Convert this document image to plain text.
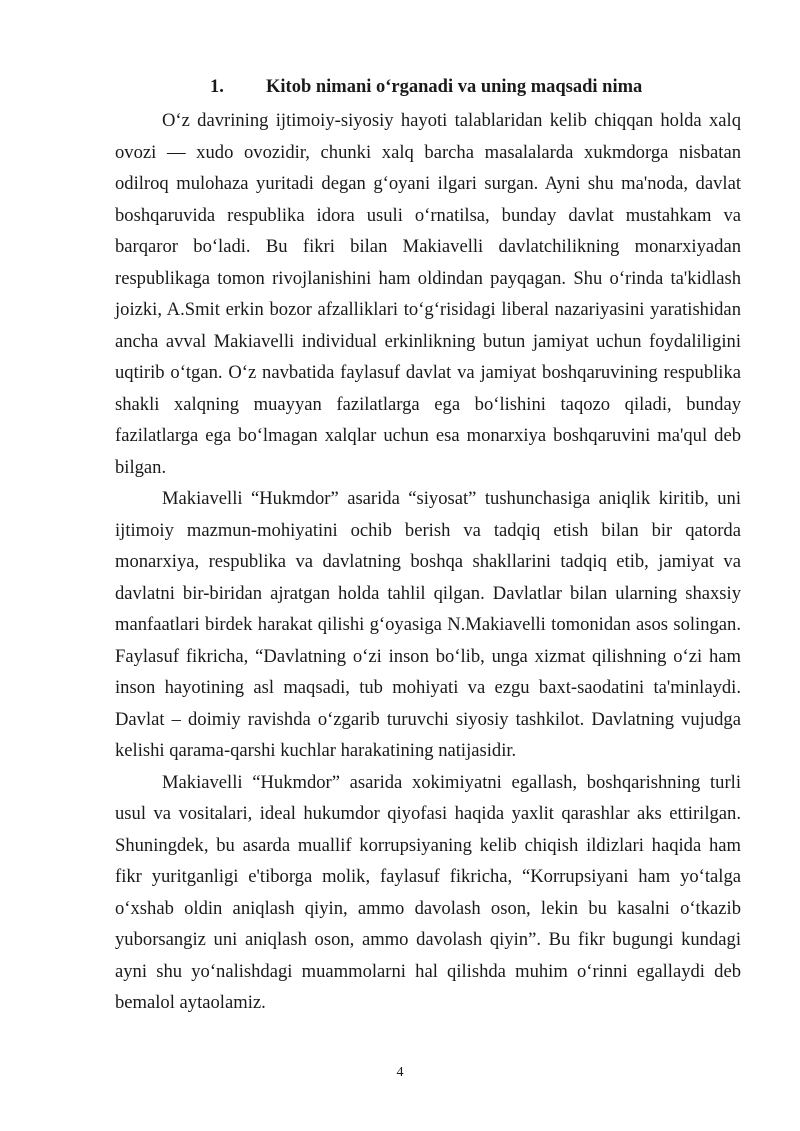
1. Kitob nimani o‘rganadi va uning maqsadi nima

O‘z davrining ijtimoiy-siyosiy hayoti talablaridan kelib chiqqan holda xalq ovozi — xudo ovozidir, chunki xalq barcha masalalarda xukmdorga nisbatan odilroq mulohaza yuritadi degan g‘oyani ilgari surgan. Ayni shu ma'noda, davlat boshqaruvida respublika idora usuli o‘rnatilsa, bunday davlat mustahkam va barqaror bo‘ladi. Bu fikri bilan Makiavelli davlatchilikning monarxiyadan respublikaga tomon rivojlanishini ham oldindan payqagan. Shu o‘rinda ta'kidlash joizki, A.Smit erkin bozor afzalliklari to‘g‘risidagi liberal nazariyasini yaratishidan ancha avval Makiavelli individual erkinlikning butun jamiyat uchun foydaliligini uqtirib o‘tgan. O‘z navbatida faylasuf davlat va jamiyat boshqaruvining respublika shakli xalqning muayyan fazilatlarga ega bo‘lishini taqozo qiladi, bunday fazilatlarga ega bo‘lmagan xalqlar uchun esa monarxiya boshqaruvini ma'qul deb bilgan.

Makiavelli “Hukmdor” asarida “siyosat” tushunchasiga aniqlik kiritib, uni ijtimoiy mazmun-mohiyatini ochib berish va tadqiq etish bilan bir qatorda monarxiya, respublika va davlatning boshqa shakllarini tadqiq etib, jamiyat va davlatni bir-biridan ajratgan holda tahlil qilgan. Davlatlar bilan ularning shaxsiy manfaatlari birdek harakat qilishi g‘oyasiga N.Makiavelli tomonidan asos solingan. Faylasuf fikricha, “Davlatning o‘zi inson bo‘lib, unga xizmat qilishning o‘zi ham inson hayotining asl maqsadi, tub mohiyati va ezgu baxt-saodatini ta'minlaydi. Davlat – doimiy ravishda o‘zgarib turuvchi siyosiy tashkilot. Davlatning vujudga kelishi qarama-qarshi kuchlar harakatining natijasidir.

Makiavelli “Hukmdor” asarida xokimiyatni egallash, boshqarishning turli usul va vositalari, ideal hukumdor qiyofasi haqida yaxlit qarashlar aks ettirilgan. Shuningdek, bu asarda muallif korrupsiyaning kelib chiqish ildizlari haqida ham fikr yuritganligi e'tiborga molik, faylasuf fikricha, “Korrupsiyani ham yo‘talga o‘xshab oldin aniqlash qiyin, ammo davolash oson, lekin bu kasalni o‘tkazib yuborsangiz uni aniqlash oson, ammo davolash qiyin”. Bu fikr bugungi kundagi ayni shu yo‘nalishdagi muammolarni hal qilishda muhim o‘rinni egallaydi deb bemalol aytaolamiz.

4
